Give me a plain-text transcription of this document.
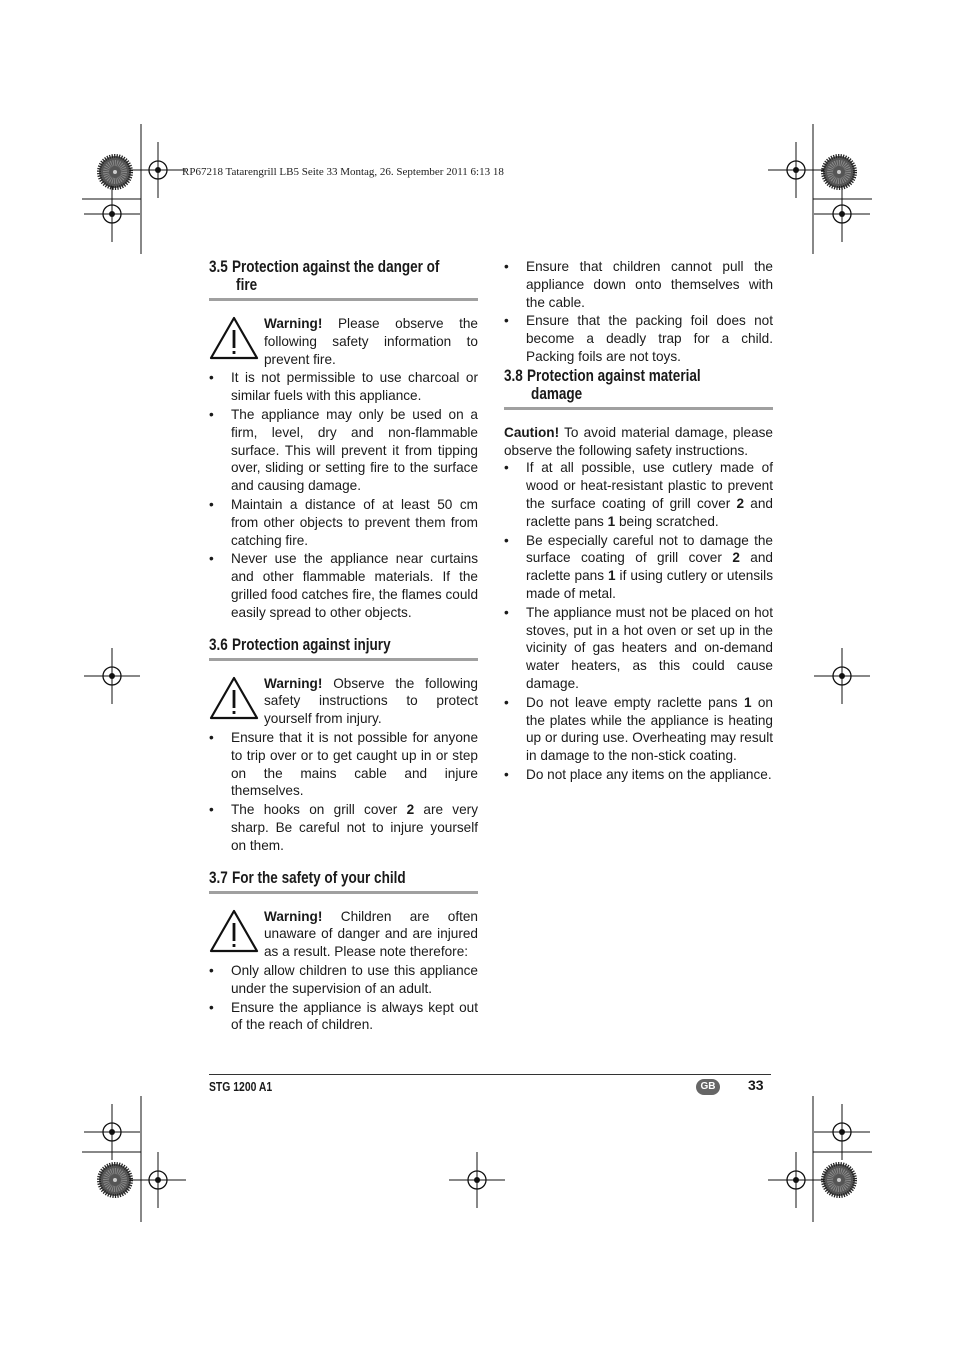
RP67218 Tatarengrill LB5 Seite 33 Montag, 26. September 2011 6:13 18
3.5 Protection against the danger of
fire
Warning! Please observe the following safety information to prevent fire.
• It is not permissible to use charcoal or similar fuels with this appliance.
• The appliance may only be used on a firm, level, dry and non-flammable surface. This will prevent it from tipping over, sliding or setting fire to the surface and causing damage.
• Maintain a distance of at least 50 cm from other objects to prevent them from catching fire.
• Never use the appliance near curtains and other flammable materials. If the grilled food catches fire, the flames could easily spread to other objects.
3.6 Protection against injury
Warning! Observe the following safety instructions to protect yourself from injury.
• Ensure that it is not possible for anyone to trip over or to get caught up in or step on the mains cable and injure themselves.
• The hooks on grill cover 2 are very sharp. Be careful not to injure yourself on them.
3.7 For the safety of your child
Warning! Children are often unaware of danger and are injured as a result. Please note therefore:
• Only allow children to use this appliance under the supervision of an adult.
• Ensure the appliance is always kept out of the reach of children.
• Ensure that children cannot pull the appliance down onto themselves with the cable.
• Ensure that the packing foil does not become a deadly trap for a child. Packing foils are not toys.
3.8 Protection against material
damage
Caution! To avoid material damage, please observe the following safety instructions.
• If at all possible, use cutlery made of wood or heat-resistant plastic to prevent the surface coating of grill cover 2 and raclette pans 1 being scratched.
• Be especially careful not to damage the surface coating of grill cover 2 and raclette pans 1 if using cutlery or utensils made of metal.
• The appliance must not be placed on hot stoves, put in a hot oven or set up in the vicinity of gas heaters and on-demand water heaters, as this could cause damage.
• Do not leave empty raclette pans 1 on the plates while the appliance is heating up or during use. Overheating may result in damage to the non-stick coating.
• Do not place any items on the appliance.
STG 1200 A1	GB	33
